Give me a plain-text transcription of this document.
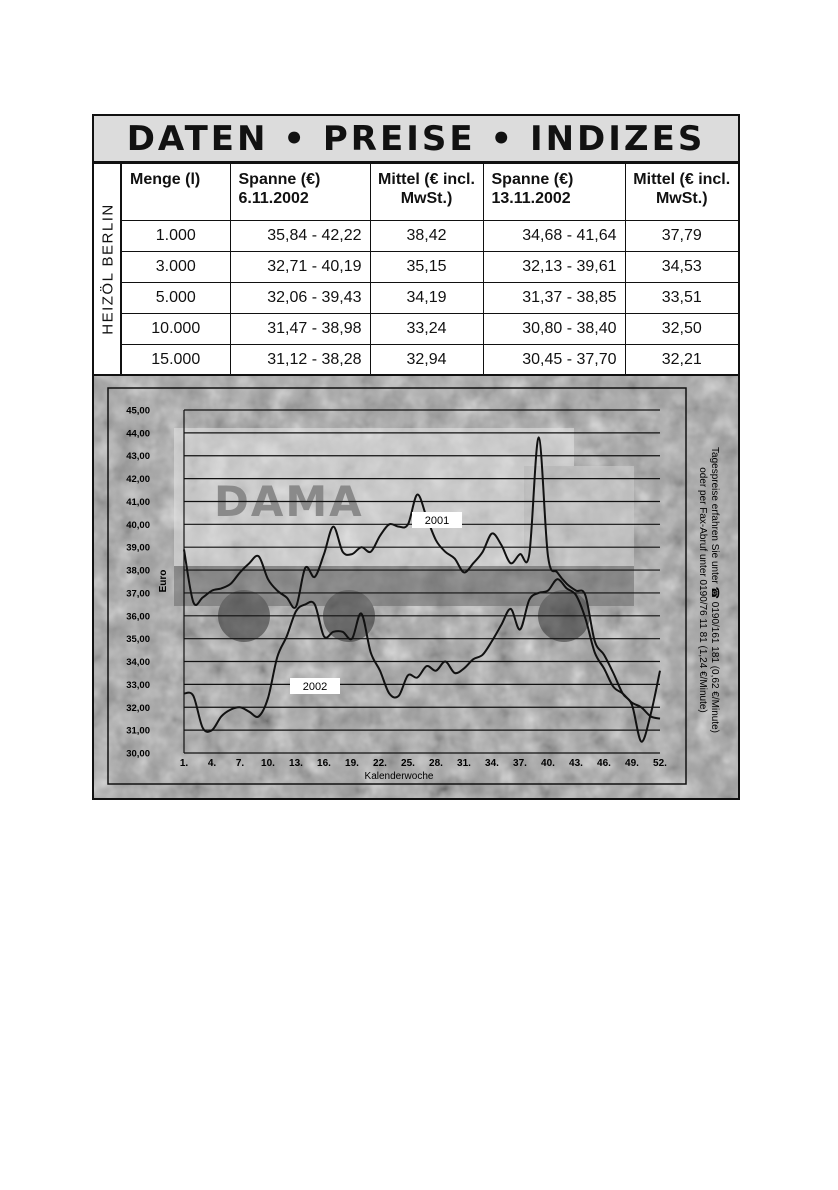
DATEN • PREISE • INDIZES
HEIZÖL BERLIN
Menge (l)	Spanne (€) 6.11.2002	Mittel (€ incl. MwSt.)	Spanne (€) 13.11.2002	Mittel (€ incl. MwSt.)
1.000	35,84 - 42,22	38,42	34,68 - 41,64	37,79
3.000	32,71 - 40,19	35,15	32,13 - 39,61	34,53
5.000	32,06 - 39,43	34,19	31,37 - 38,85	33,51
10.000	31,47 - 38,98	33,24	30,80 - 38,40	32,50
15.000	31,12 - 38,28	32,94	30,45 - 37,70	32,21
DAMA
45,00
44,00
43,00
42,00
41,00
40,00
39,00
38,00
37,00
36,00
35,00
34,00
33,00
32,00
31,00
30,00
1. 4. 7. 10. 13. 16. 19. 22. 25. 28. 31. 34. 37. 40. 43. 46. 49. 52.
Euro
Kalenderwoche
2001
2002	Tagespreise erfahren Sie unter ☎ 0190/161 181 (0,62 €/Minute)
oder per Fax-Abruf unter 0190/76 11 81 (1,24 €/Minute)
